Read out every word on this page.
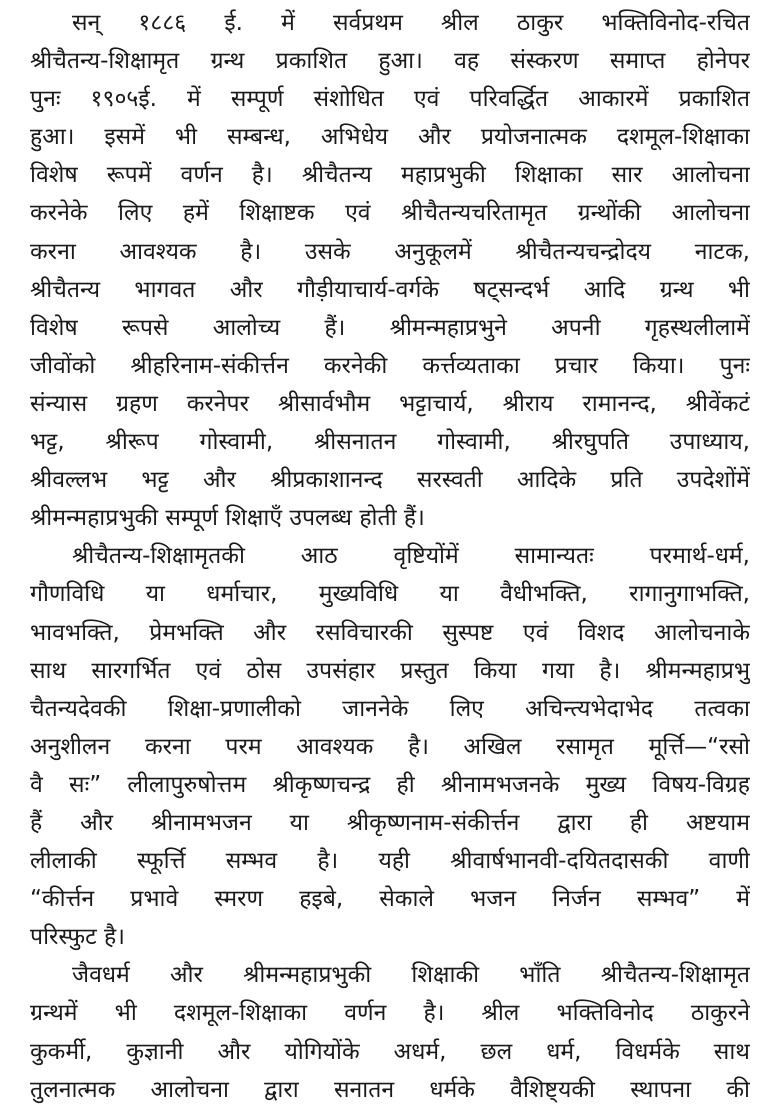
सन् १८८६ ई. में सर्वप्रथम श्रील ठाकुर भक्तिविनोद-रचित
श्रीचैतन्य-शिक्षामृत ग्रन्थ प्रकाशित हुआ। वह संस्करण समाप्त होनेपर
पुनः १९०५ई. में सम्पूर्ण संशोधित एवं परिवर्द्धित आकारमें प्रकाशित
हुआ। इसमें भी सम्बन्ध, अभिधेय और प्रयोजनात्मक दशमूल-शिक्षाका
विशेष रूपमें वर्णन है। श्रीचैतन्य महाप्रभुकी शिक्षाका सार आलोचना
करनेके लिए हमें शिक्षाष्टक एवं श्रीचैतन्यचरितामृत ग्रन्थोंकी आलोचना
करना आवश्यक है। उसके अनुकूलमें श्रीचैतन्यचन्द्रोदय नाटक,
श्रीचैतन्य भागवत और गौड़ीयाचार्य-वर्गके षट्सन्दर्भ आदि ग्रन्थ भी
विशेष रूपसे आलोच्य हैं। श्रीमन्महाप्रभुने अपनी गृहस्थलीलामें
जीवोंको श्रीहरिनाम-संकीर्त्तन करनेकी कर्त्तव्यताका प्रचार किया। पुनः
संन्यास ग्रहण करनेपर श्रीसार्वभौम भट्टाचार्य, श्रीराय रामानन्द, श्रीवेंकटं
भट्ट, श्रीरूप गोस्वामी, श्रीसनातन गोस्वामी, श्रीरघुपति उपाध्याय,
श्रीवल्लभ भट्ट और श्रीप्रकाशानन्द सरस्वती आदिके प्रति उपदेशोंमें
श्रीमन्महाप्रभुकी सम्पूर्ण शिक्षाएँ उपलब्ध होती हैं।
श्रीचैतन्य-शिक्षामृतकी आठ वृष्टियोंमें सामान्यतः परमार्थ-धर्म,
गौणविधि या धर्माचार, मुख्यविधि या वैधीभक्ति, रागानुगाभक्ति,
भावभक्ति, प्रेमभक्ति और रसविचारकी सुस्पष्ट एवं विशद आलोचनाके
साथ सारगर्भित एवं ठोस उपसंहार प्रस्तुत किया गया है। श्रीमन्महाप्रभु
चैतन्यदेवकी शिक्षा-प्रणालीको जाननेके लिए अचिन्त्यभेदाभेद तत्वका
अनुशीलन करना परम आवश्यक है। अखिल रसामृत मूर्त्ति—“रसो
वै सः” लीलापुरुषोत्तम श्रीकृष्णचन्द्र ही श्रीनामभजनके मुख्य विषय-विग्रह
हैं और श्रीनामभजन या श्रीकृष्णनाम-संकीर्त्तन द्वारा ही अष्टयाम
लीलाकी स्फूर्त्ति सम्भव है। यही श्रीवार्षभानवी-दयितदासकी वाणी
“कीर्त्तन प्रभावे स्मरण हइबे, सेकाले भजन निर्जन सम्भव” में
परिस्फुट है।
जैवधर्म और श्रीमन्महाप्रभुकी शिक्षाकी भाँति श्रीचैतन्य-शिक्षामृत
ग्रन्थमें भी दशमूल-शिक्षाका वर्णन है। श्रील भक्तिविनोद ठाकुरने
कुकर्मी, कुज्ञानी और योगियोंके अधर्म, छल धर्म, विधर्मके साथ
तुलनात्मक आलोचना द्वारा सनातन धर्मके वैशिष्ट्यकी स्थापना की
